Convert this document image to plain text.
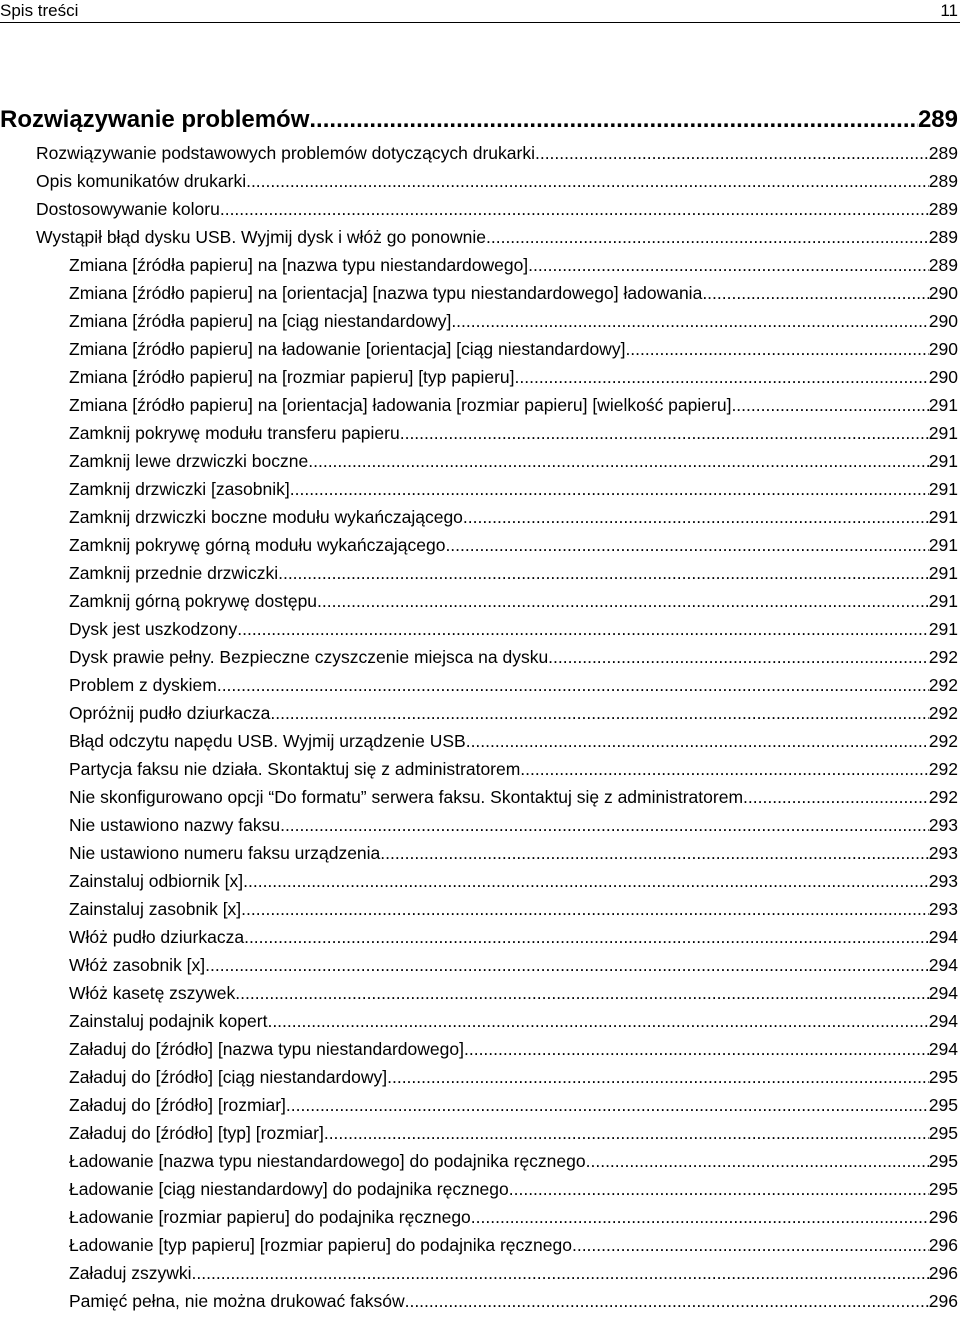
Spis treści	11
Rozwiązywanie problemów .....	289
Rozwiązywanie podstawowych problemów dotyczących drukarki .....	289
Opis komunikatów drukarki .....	289
Dostosowywanie koloru .....	289
Wystąpił błąd dysku USB. Wyjmij dysk i włóż go ponownie. .....	289
Zmiana [źródła papieru] na [nazwa typu niestandardowego] .....	289
Zmiana [źródło papieru] na [orientacja] [nazwa typu niestandardowego] ładowania .....	290
Zmiana [źródła papieru] na [ciąg niestandardowy] .....	290
Zmiana [źródło papieru] na ładowanie [orientacja] [ciąg niestandardowy] .....	290
Zmiana [źródło papieru] na [rozmiar papieru] [typ papieru] .....	290
Zmiana [źródło papieru] na [orientacja] ładowania [rozmiar papieru] [wielkość papieru] .....	291
Zamknij pokrywę modułu transferu papieru .....	291
Zamknij lewe drzwiczki boczne .....	291
Zamknij drzwiczki [zasobnik] .....	291
Zamknij drzwiczki boczne modułu wykańczającego .....	291
Zamknij pokrywę górną modułu wykańczającego .....	291
Zamknij przednie drzwiczki .....	291
Zamknij górną pokrywę dostępu .....	291
Dysk jest uszkodzony .....	291
Dysk prawie pełny. Bezpieczne czyszczenie miejsca na dysku. .....	292
Problem z dyskiem .....	292
Opróżnij pudło dziurkacza .....	292
Błąd odczytu napędu USB. Wyjmij urządzenie USB. .....	292
Partycja faksu nie działa. Skontaktuj się z administratorem. .....	292
Nie skonfigurowano opcji “Do formatu” serwera faksu. Skontaktuj się z administratorem. .....	292
Nie ustawiono nazwy faksu .....	293
Nie ustawiono numeru faksu urządzenia .....	293
Zainstaluj odbiornik [x] .....	293
Zainstaluj zasobnik [x] .....	293
Włóż pudło dziurkacza .....	294
Włóż zasobnik [x] .....	294
Włóż kasetę zszywek .....	294
Zainstaluj podajnik kopert .....	294
Załaduj do [źródło] [nazwa typu niestandardowego] .....	294
Załaduj do [źródło] [ciąg niestandardowy] .....	295
Załaduj do [źródło] [rozmiar] .....	295
Załaduj do [źródło] [typ] [rozmiar] .....	295
Ładowanie [nazwa typu niestandardowego] do podajnika ręcznego .....	295
Ładowanie [ciąg niestandardowy] do podajnika ręcznego .....	295
Ładowanie [rozmiar papieru] do podajnika ręcznego .....	296
Ładowanie [typ papieru] [rozmiar papieru] do podajnika ręcznego .....	296
Załaduj zszywki .....	296
Pamięć pełna, nie można drukować faksów .....	296
